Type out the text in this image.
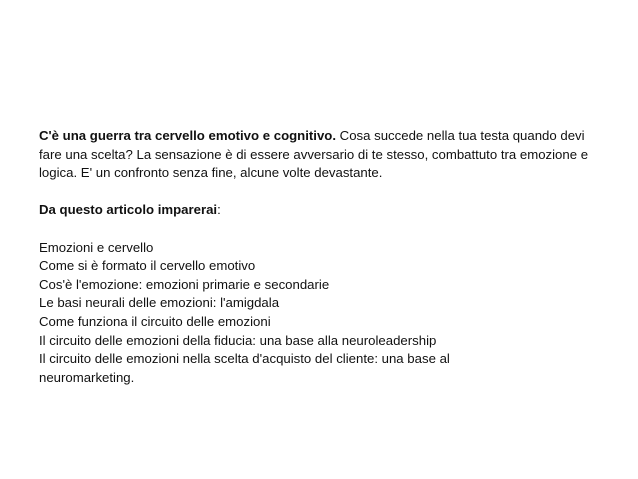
C'è una guerra tra cervello emotivo e cognitivo. Cosa succede nella tua testa quando devi fare una scelta? La sensazione è di essere avversario di te stesso, combattuto tra emozione e logica. E' un confronto senza fine, alcune volte devastante.

Da questo articolo imparerai:

Emozioni e cervello
Come si è formato il cervello emotivo
Cos'è l'emozione: emozioni primarie e secondarie
Le basi neurali delle emozioni: l'amigdala
Come funziona il circuito delle emozioni
Il circuito delle emozioni della fiducia: una base alla neuroleadership
Il circuito delle emozioni nella scelta d'acquisto del cliente: una base al neuromarketing.
